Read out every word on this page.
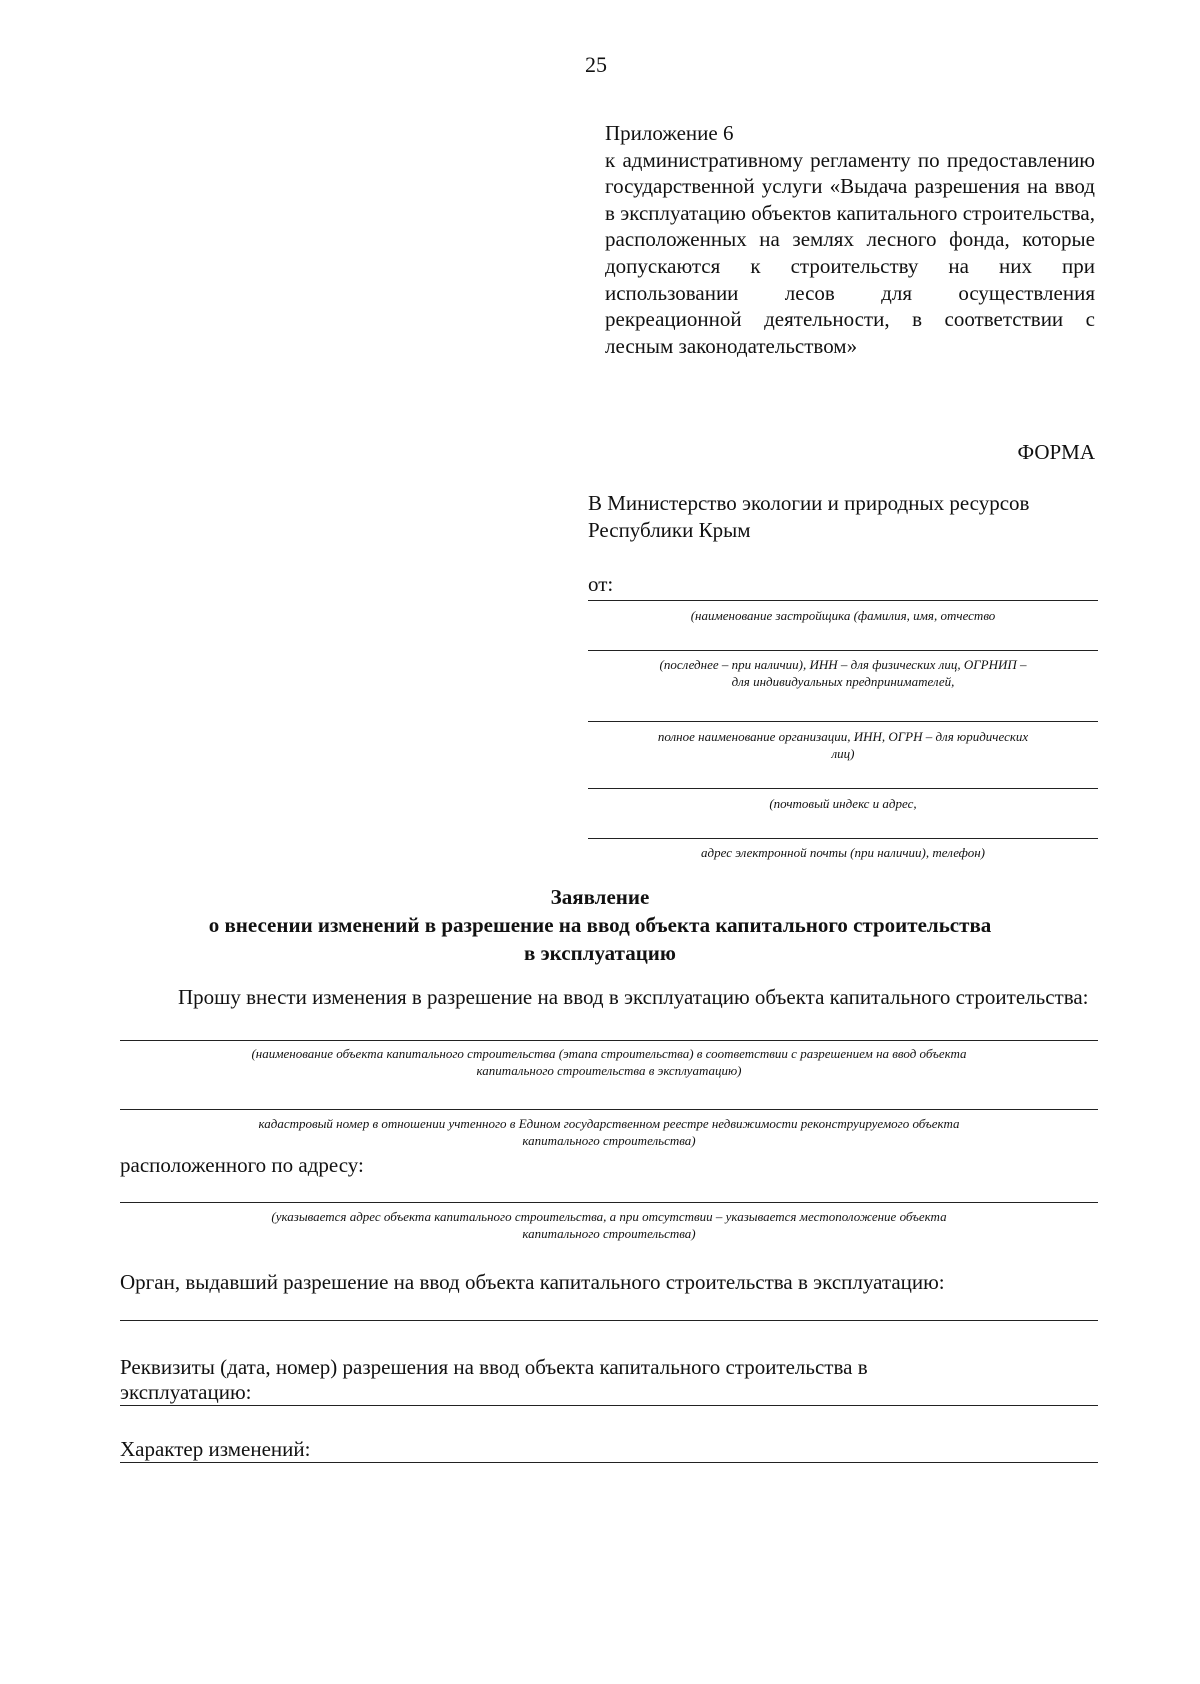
25
Приложение 6
к административному регламенту по предоставлению государственной услуги «Выдача разрешения на ввод в эксплуатацию объектов капитального строительства, расположенных на землях лесного фонда, которые допускаются к строительству на них при использовании лесов для осуществления рекреационной деятельности, в соответствии с лесным законодательством»
ФОРМА
В Министерство экологии и природных ресурсов
Республики Крым
от:
(наименование застройщика (фамилия, имя, отчество
(последнее – при наличии), ИНН – для физических лиц, ОГРНИП –
для индивидуальных предпринимателей,
полное наименование организации, ИНН, ОГРН – для юридических
лиц)
(почтовый индекс и адрес,
адрес электронной почты (при наличии), телефон)
Заявление
о внесении изменений в разрешение на ввод объекта капитального строительства
в эксплуатацию
Прошу внести изменения в разрешение на ввод в эксплуатацию объекта капитального строительства:
(наименование объекта капитального строительства (этапа строительства) в соответствии с разрешением на ввод объекта
капитального строительства в эксплуатацию)
кадастровый номер в отношении учтенного в Едином государственном реестре недвижимости реконструируемого объекта
капитального строительства)
расположенного по адресу:
(указывается адрес объекта капитального строительства, а при отсутствии – указывается местоположение объекта
капитального строительства)
Орган, выдавший разрешение на ввод объекта капитального строительства в эксплуатацию:
Реквизиты (дата, номер) разрешения на ввод объекта капитального строительства в
эксплуатацию:
Характер изменений:
